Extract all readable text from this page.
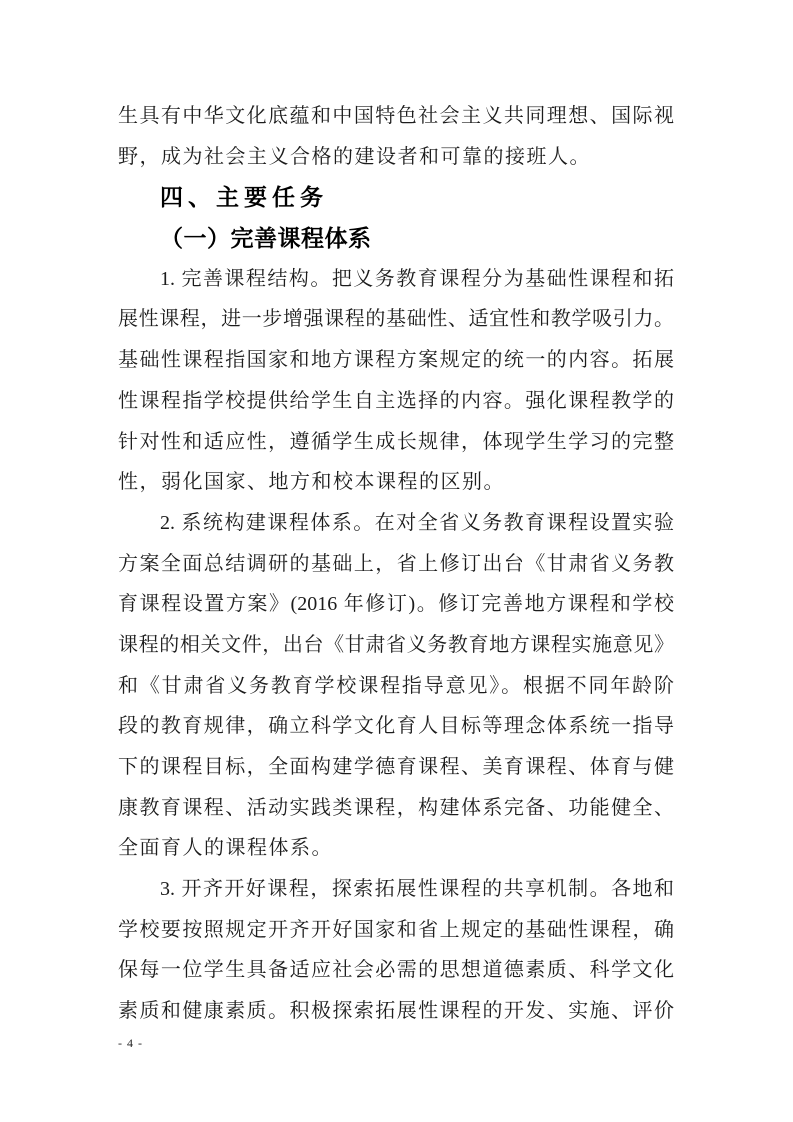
生具有中华文化底蕴和中国特色社会主义共同理想、国际视
野，成为社会主义合格的建设者和可靠的接班人。
四、主要任务
（一）完善课程体系
1. 完善课程结构。把义务教育课程分为基础性课程和拓
展性课程，进一步增强课程的基础性、适宜性和教学吸引力。
基础性课程指国家和地方课程方案规定的统一的内容。拓展
性课程指学校提供给学生自主选择的内容。强化课程教学的
针对性和适应性，遵循学生成长规律，体现学生学习的完整
性，弱化国家、地方和校本课程的区别。
2. 系统构建课程体系。在对全省义务教育课程设置实验
方案全面总结调研的基础上，省上修订出台《甘肃省义务教
育课程设置方案》(2016 年修订)。修订完善地方课程和学校
课程的相关文件，出台《甘肃省义务教育地方课程实施意见》
和《甘肃省义务教育学校课程指导意见》。根据不同年龄阶
段的教育规律，确立科学文化育人目标等理念体系统一指导
下的课程目标，全面构建学德育课程、美育课程、体育与健
康教育课程、活动实践类课程，构建体系完备、功能健全、
全面育人的课程体系。
3. 开齐开好课程，探索拓展性课程的共享机制。各地和
学校要按照规定开齐开好国家和省上规定的基础性课程，确
保每一位学生具备适应社会必需的思想道德素质、科学文化
素质和健康素质。积极探索拓展性课程的开发、实施、评价
- 4 -
